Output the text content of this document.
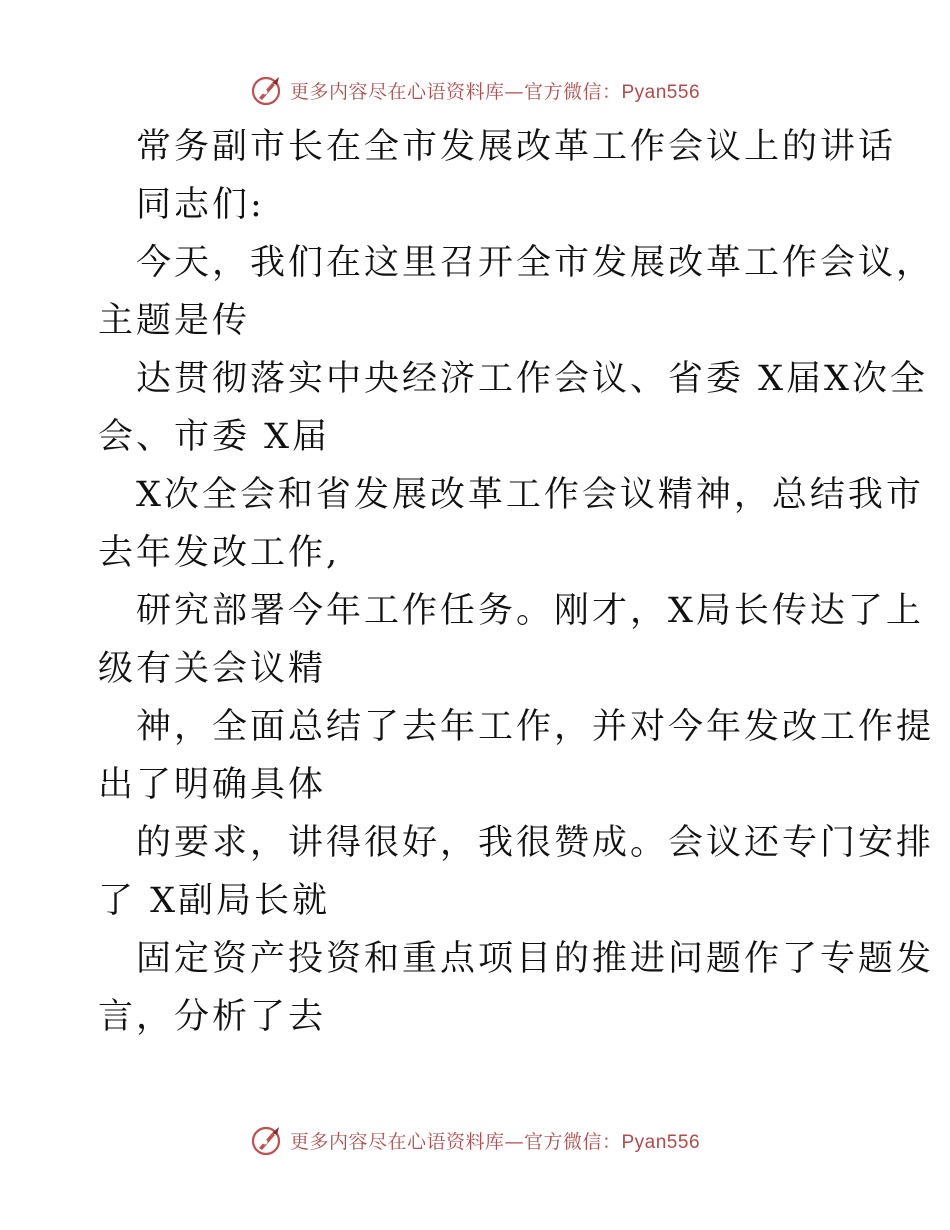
更多内容尽在心语资料库—官方微信：Pyan556
常务副市长在全市发展改革工作会议上的讲话
同志们:
今天，我们在这里召开全市发展改革工作会议，
主题是传
达贯彻落实中央经济工作会议、省委 X届X次全
会、市委 X届
X次全会和省发展改革工作会议精神，总结我市
去年发改工作,
研究部署今年工作任务。刚才，X局长传达了上
级有关会议精
神，全面总结了去年工作，并对今年发改工作提
出了明确具体
的要求，讲得很好，我很赞成。会议还专门安排
了 X副局长就
固定资产投资和重点项目的推进问题作了专题发
言，分析了去
更多内容尽在心语资料库—官方微信：Pyan556
